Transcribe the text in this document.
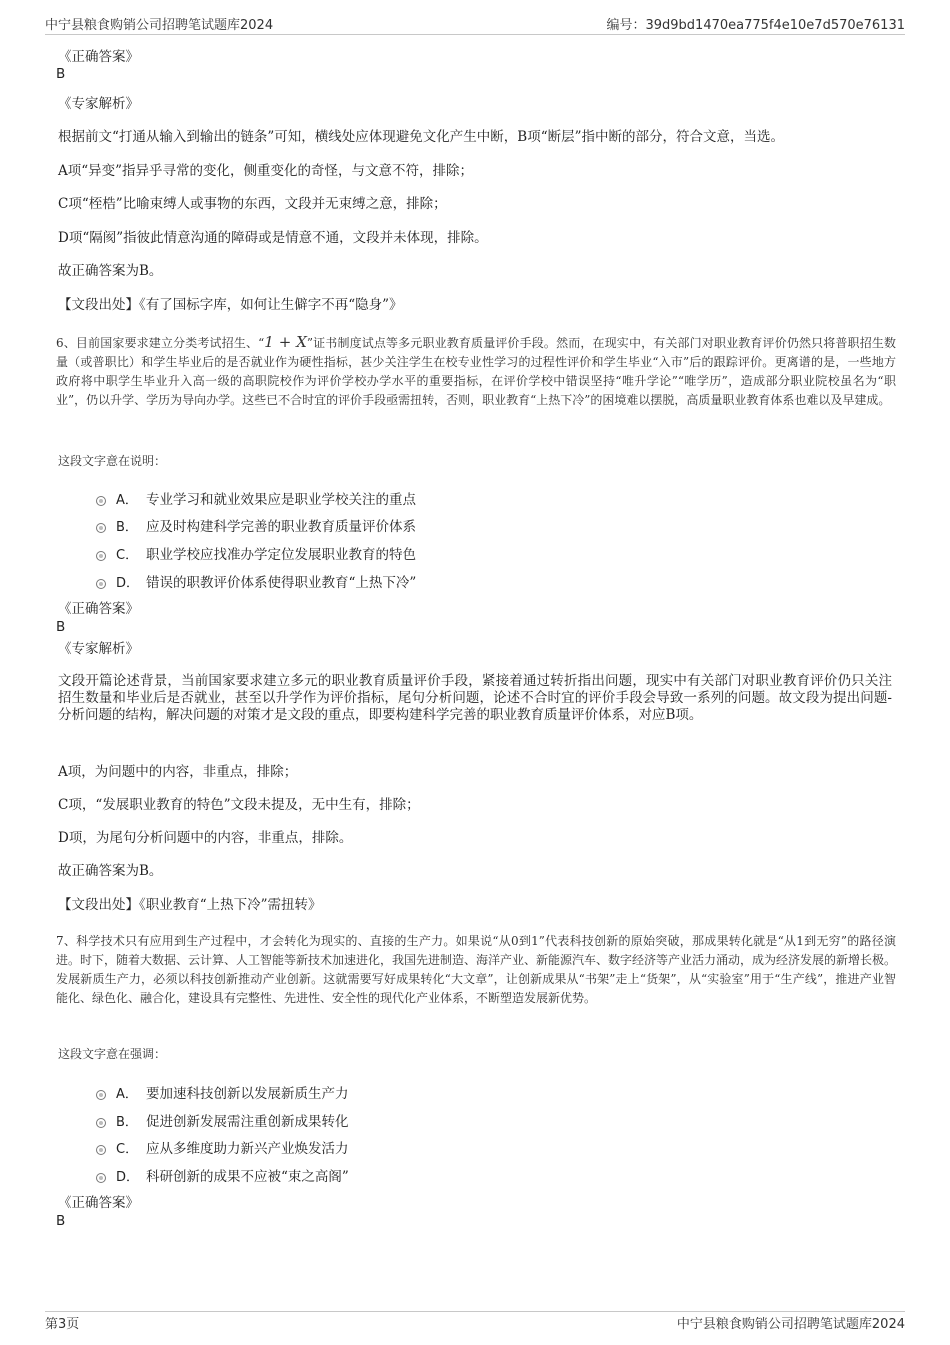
中宁县粮食购销公司招聘笔试题库2024	编号：39d9bd1470ea775f4e10e7d570e76131
《正确答案》
B
《专家解析》
根据前文“打通从输入到输出的链条”可知，横线处应体现避免文化产生中断，B项“断层”指中断的部分，符合文意，当选。
A项“异变”指异乎寻常的变化，侧重变化的奇怪，与文意不符，排除；
C项“桎梏”比喻束缚人或事物的东西，文段并无束缚之意，排除；
D项“隔阂”指彼此情意沟通的障碍或是情意不通，文段并未体现，排除。
故正确答案为B。
【文段出处】《有了国标字库，如何让生僻字不再“隐身”》
6、目前国家要求建立分类考试招生、“1 + X”证书制度试点等多元职业教育质量评价手段。然而，在现实中，有关部门对职业教育评价仍然只将普职招生数量（或普职比）和学生毕业后的是否就业作为硬性指标，甚少关注学生在校专业性学习的过程性评价和学生毕业“入市”后的跟踪评价。更离谱的是，一些地方政府将中职学生毕业升入高一级的高职院校作为评价学校办学水平的重要指标，在评价学校中错误坚持“唯升学论”“唯学历”，造成部分职业院校虽名为“职业”，仍以升学、学历为导向办学。这些已不合时宜的评价手段亟需扭转，否则，职业教育“上热下冷”的困境难以摆脱，高质量职业教育体系也难以及早建成。
这段文字意在说明：
A． 专业学习和就业效果应是职业学校关注的重点
B． 应及时构建科学完善的职业教育质量评价体系
C． 职业学校应找准办学定位发展职业教育的特色
D． 错误的职教评价体系使得职业教育“上热下冷”
《正确答案》
B
《专家解析》
文段开篇论述背景，当前国家要求建立多元的职业教育质量评价手段，紧接着通过转折指出问题，现实中有关部门对职业教育评价仍只关注招生数量和毕业后是否就业，甚至以升学作为评价指标，尾句分析问题，论述不合时宜的评价手段会导致一系列的问题。故文段为提出问题-分析问题的结构，解决问题的对策才是文段的重点，即要构建科学完善的职业教育质量评价体系，对应B项。
A项，为问题中的内容，非重点，排除；
C项，“发展职业教育的特色”文段未提及，无中生有，排除；
D项，为尾句分析问题中的内容，非重点，排除。
故正确答案为B。
【文段出处】《职业教育“上热下冷”需扭转》
7、科学技术只有应用到生产过程中，才会转化为现实的、直接的生产力。如果说“从0到1”代表科技创新的原始突破，那成果转化就是“从1到无穷”的路径演进。时下，随着大数据、云计算、人工智能等新技术加速进化，我国先进制造、海洋产业、新能源汽车、数字经济等产业活力涌动，成为经济发展的新增长极。发展新质生产力，必须以科技创新推动产业创新。这就需要写好成果转化“大文章”，让创新成果从“书架”走上“货架”，从“实验室”用于“生产线”，推进产业智能化、绿色化、融合化，建设具有完整性、先进性、安全性的现代化产业体系，不断塑造发展新优势。
这段文字意在强调：
A． 要加速科技创新以发展新质生产力
B． 促进创新发展需注重创新成果转化
C． 应从多维度助力新兴产业焕发活力
D． 科研创新的成果不应被“束之高阁”
《正确答案》
B
第3页	中宁县粮食购销公司招聘笔试题库2024
